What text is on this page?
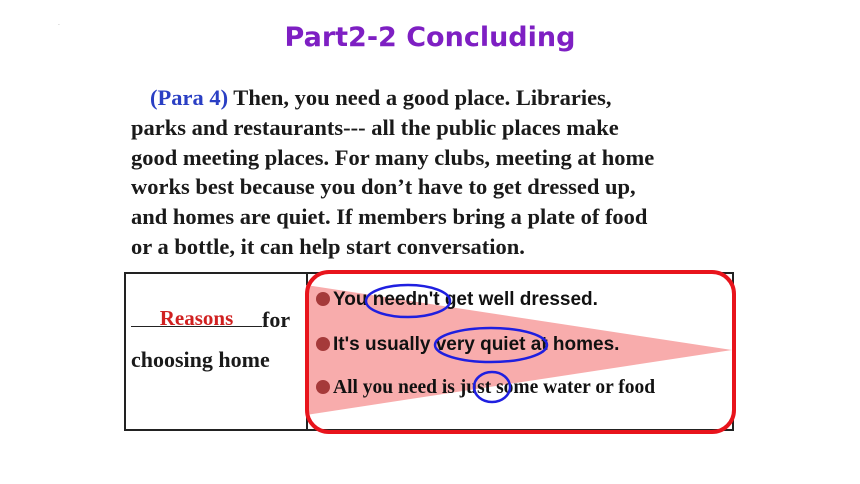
.	Part2-2 Concluding
(Para 4) Then, you need a good place. Libraries,
parks and restaurants--- all the public places make
good meeting places. For many clubs, meeting at home
works best because you don’t have to get dressed up,
and homes are quiet. If members bring a plate of food
or a bottle, it can help start conversation.
Reasons	for
choosing home
You needn't get well dressed.
It's usually very quiet at homes.
All you need is just some water or food
